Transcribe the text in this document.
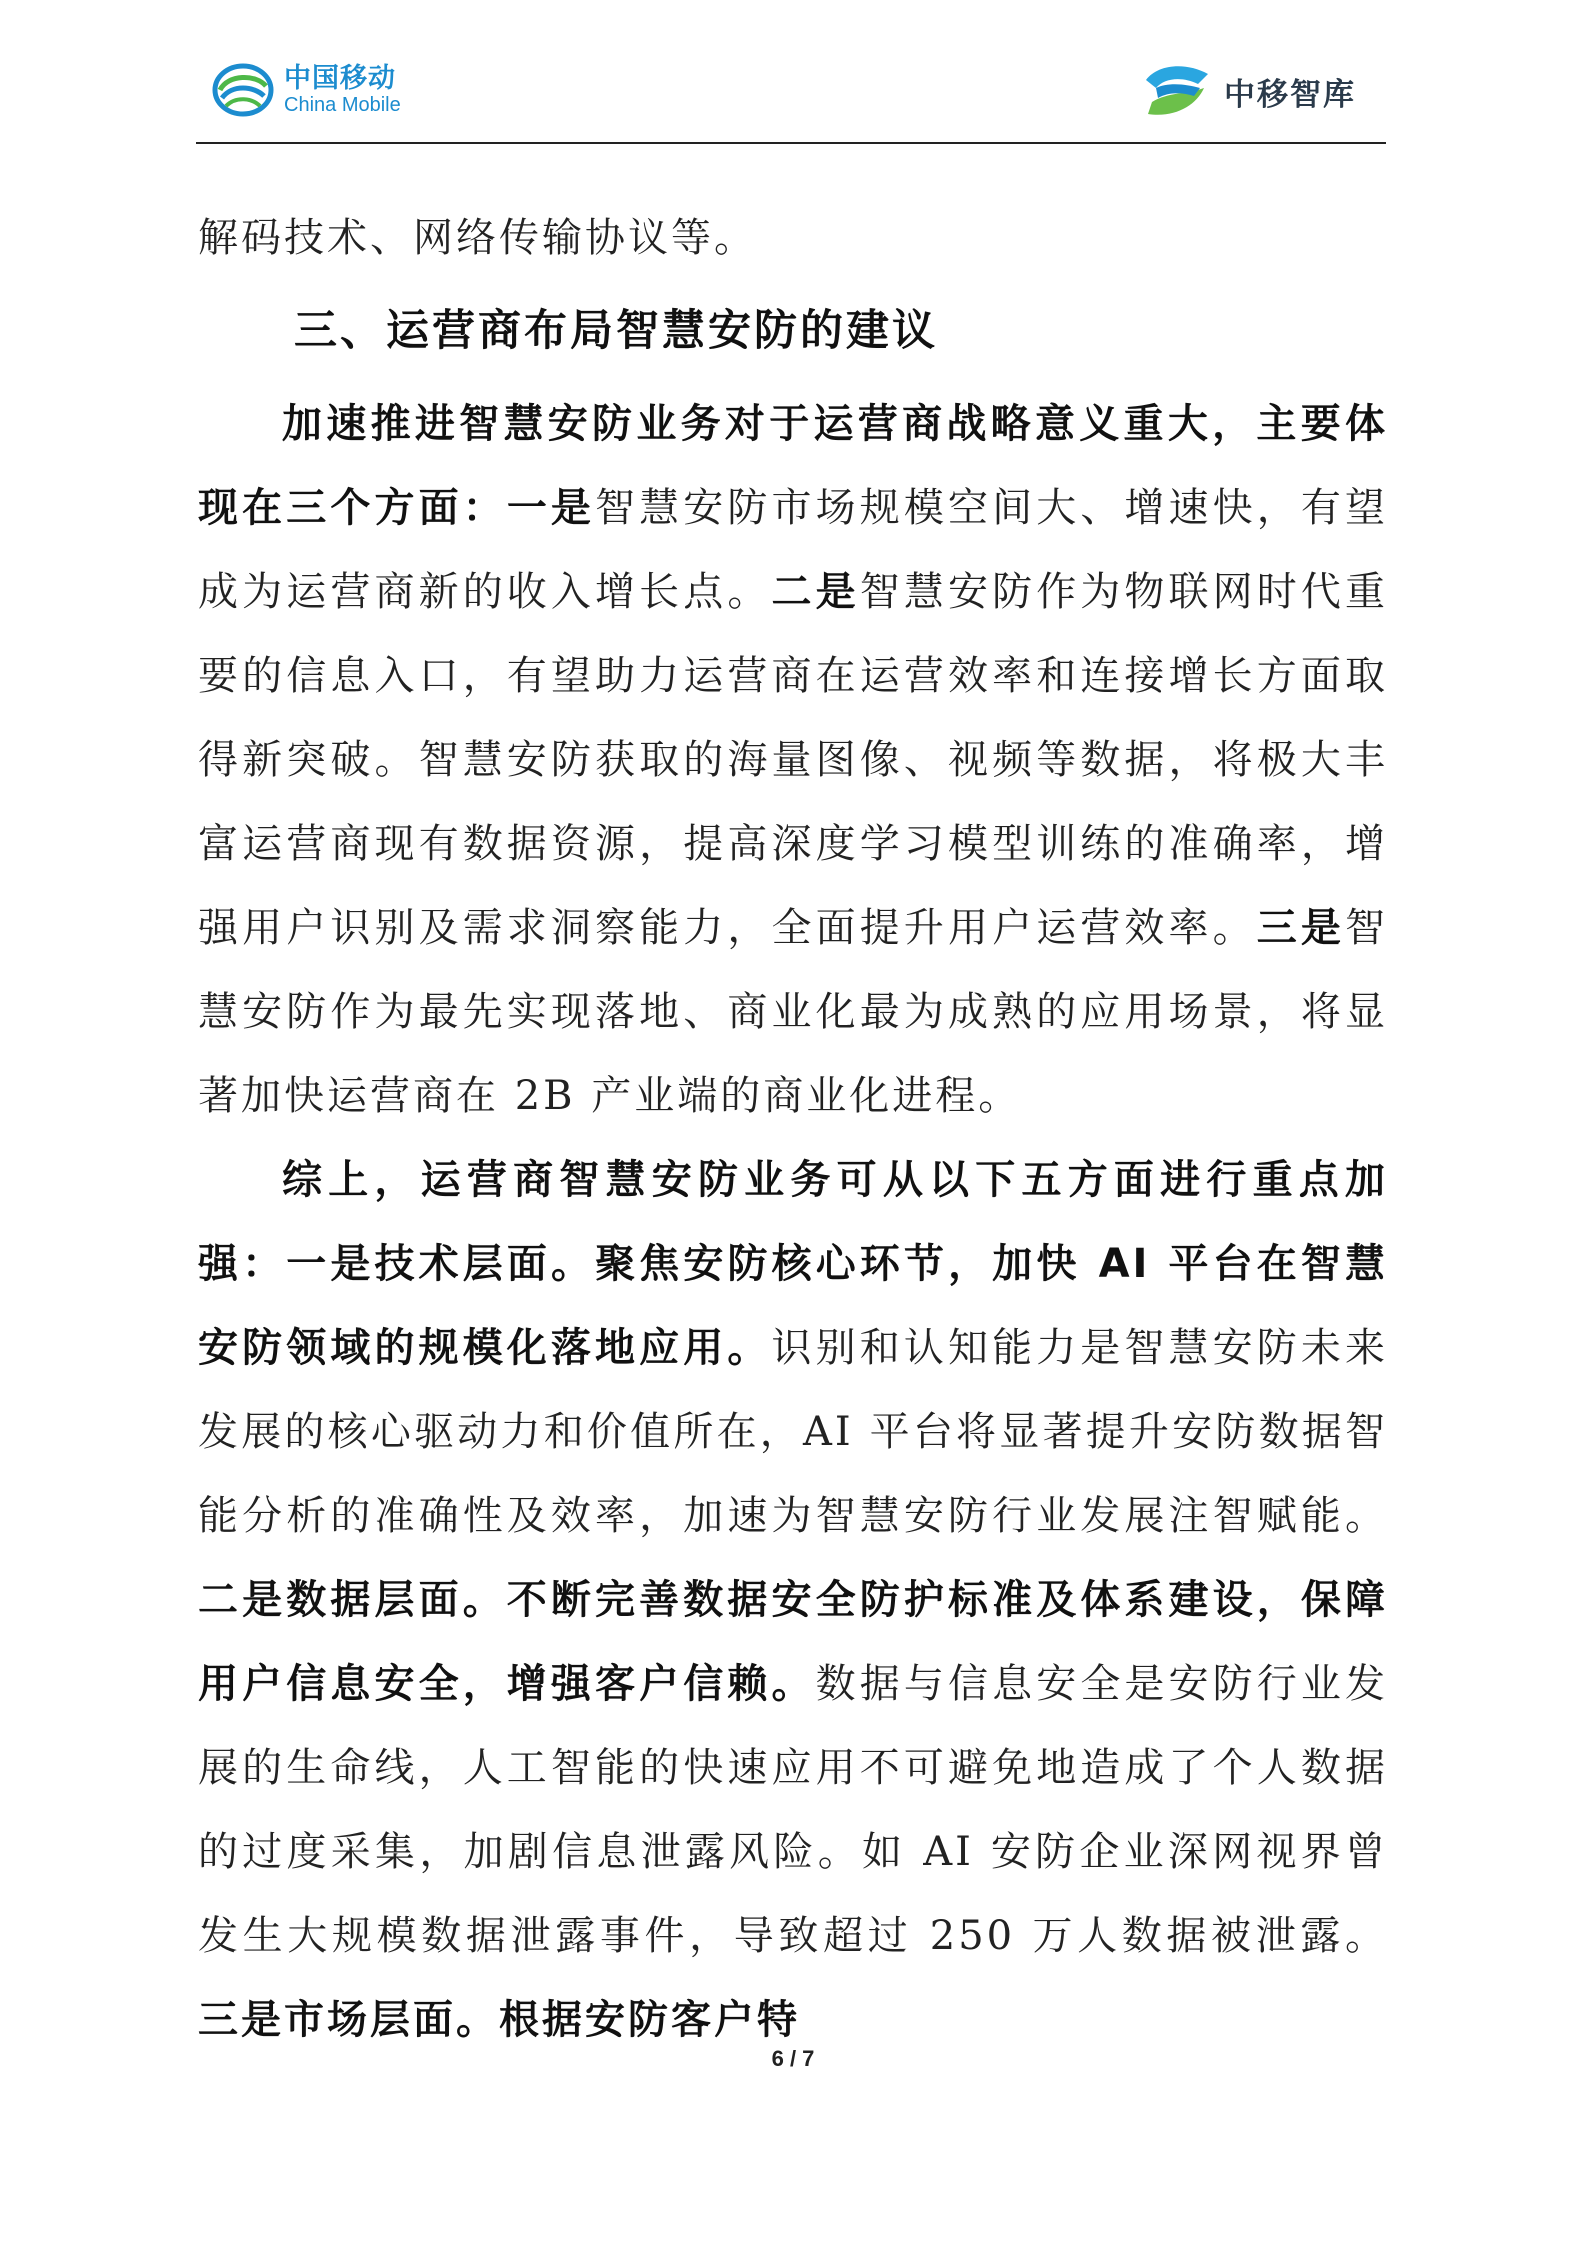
中国移动
China Mobile	中移智库

解码技术、网络传输协议等。

三、运营商布局智慧安防的建议

加速推进智慧安防业务对于运营商战略意义重大，主要体现在三个方面：一是智慧安防市场规模空间大、增速快，有望成为运营商新的收入增长点。二是智慧安防作为物联网时代重要的信息入口，有望助力运营商在运营效率和连接增长方面取得新突破。智慧安防获取的海量图像、视频等数据，将极大丰富运营商现有数据资源，提高深度学习模型训练的准确率，增强用户识别及需求洞察能力，全面提升用户运营效率。三是智慧安防作为最先实现落地、商业化最为成熟的应用场景，将显著加快运营商在 2B 产业端的商业化进程。

综上，运营商智慧安防业务可从以下五方面进行重点加强：一是技术层面。聚焦安防核心环节，加快 AI 平台在智慧安防领域的规模化落地应用。识别和认知能力是智慧安防未来发展的核心驱动力和价值所在，AI 平台将显著提升安防数据智能分析的准确性及效率，加速为智慧安防行业发展注智赋能。二是数据层面。不断完善数据安全防护标准及体系建设，保障用户信息安全，增强客户信赖。数据与信息安全是安防行业发展的生命线，人工智能的快速应用不可避免地造成了个人数据的过度采集，加剧信息泄露风险。如 AI 安防企业深网视界曾发生大规模数据泄露事件，导致超过 250 万人数据被泄露。三是市场层面。根据安防客户特

6 / 7
